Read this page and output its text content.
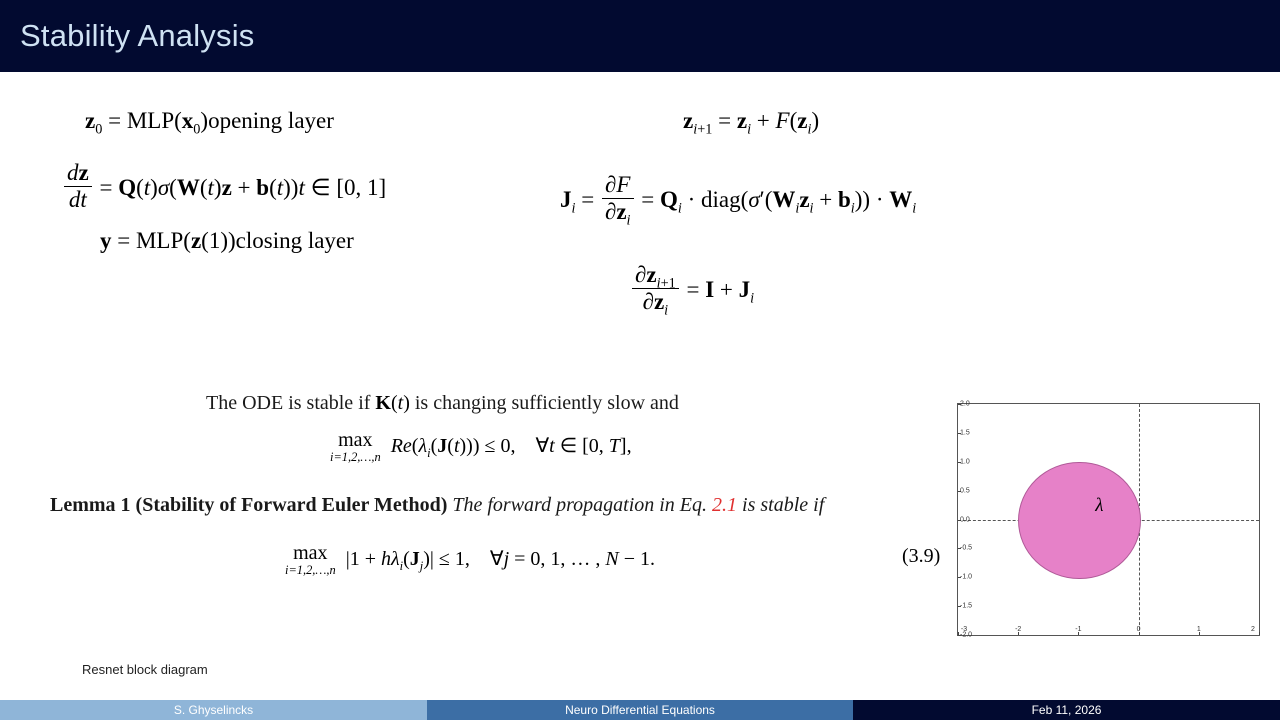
Stability Analysis
$z_0$ = $MLP(x_0)opening$ layer
$\frac{dz}{dt} = Q(t)\sigma(W(t)z + b(t))t$ ∈ [0, 1]
y = MLP(z(1))closing layer
$z_{i+1} = z_i + F(z_i)$
$J_i = \frac{\partial F}{\partial z_i} = Q_i$ · $diag(\sigma'(W_iz_i + b_i)) \cdot W_i$
$\frac{\partial z_{i+1}}{\partial z_i} = I + J_i$
The ODE is stable if K(t) is changing sufficiently slow and
max
i=1,2,…,n $Re(\lambda_i(J(t))) \le 0$,    ∀t ∈ [0, T],
Lemma 1 (Stability of Forward Euler Method) The forward propagation in Eq. 2.1 is stable if
max
i=1,2,…,n $|1 + h\lambda_i(J_j)| \le 1$,    ∀j = 0, 1, … , N − 1.	(3.9)
Resnet block diagram
λ
-2.0
-1.5
-1.0
-0.5
0.0
0.5
1.0
1.5
2.0
-3	-2	-1	0	1	2
S. Ghyselincks	Neuro Differential Equations	Feb 11, 2026
